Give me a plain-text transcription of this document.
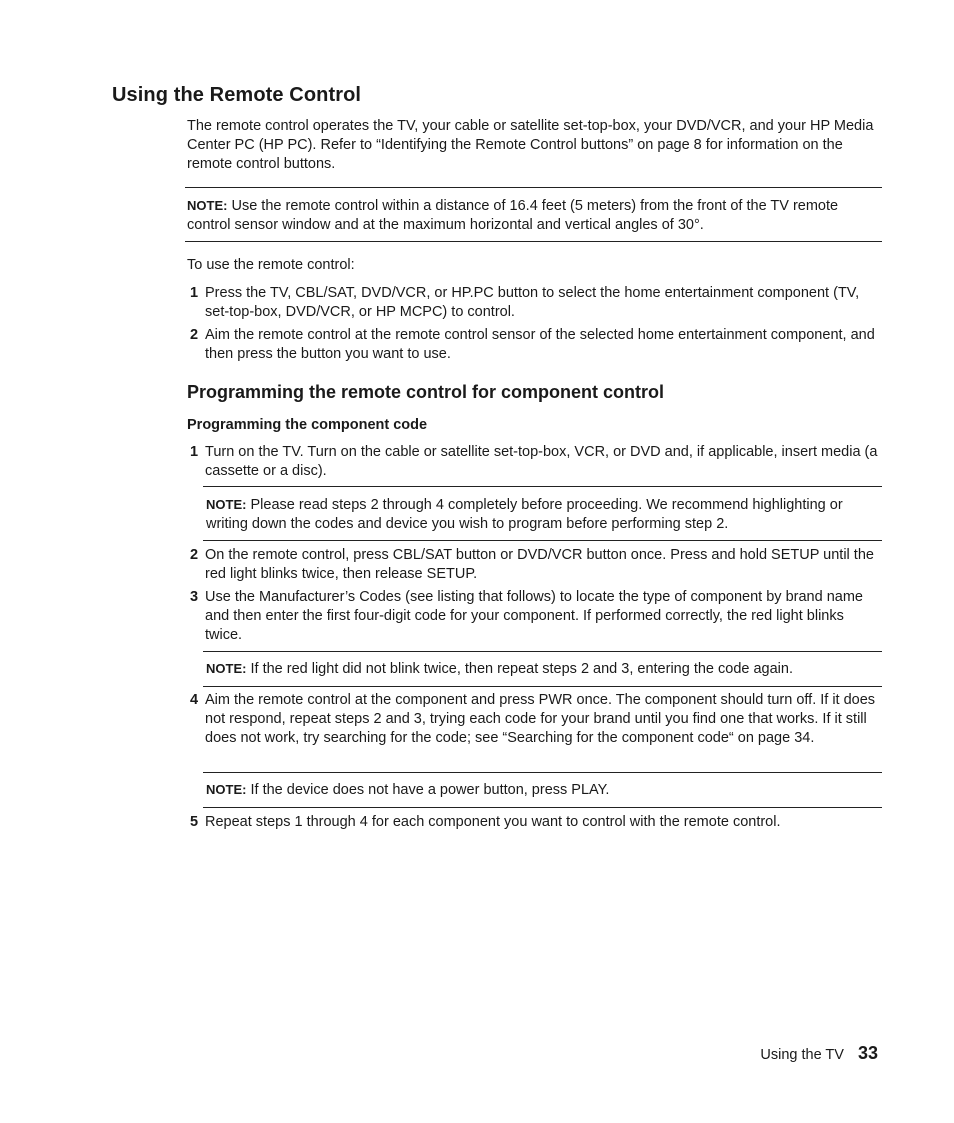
Using the Remote Control

The remote control operates the TV, your cable or satellite set-top-box, your DVD/VCR, and your HP Media Center PC (HP PC). Refer to “Identifying the Remote Control buttons” on page 8 for information on the remote control buttons.

NOTE: Use the remote control within a distance of 16.4 feet (5 meters) from the front of the TV remote control sensor window and at the maximum horizontal and vertical angles of 30°.

To use the remote control:

1 Press the TV, CBL/SAT, DVD/VCR, or HP.PC button to select the home entertainment component (TV, set-top-box, DVD/VCR, or HP MCPC) to control.
2 Aim the remote control at the remote control sensor of the selected home entertainment component, and then press the button you want to use.
Programming the remote control for component control
Programming the component code
1 Turn on the TV. Turn on the cable or satellite set-top-box, VCR, or DVD and, if applicable, insert media (a cassette or a disc).
NOTE: Please read steps 2 through 4 completely before proceeding. We recommend highlighting or writing down the codes and device you wish to program before performing step 2.
2 On the remote control, press CBL/SAT button or DVD/VCR button once. Press and hold SETUP until the red light blinks twice, then release SETUP.
3 Use the Manufacturer’s Codes (see listing that follows) to locate the type of component by brand name and then enter the first four-digit code for your component. If performed correctly, the red light blinks twice.
NOTE: If the red light did not blink twice, then repeat steps 2 and 3, entering the code again.
4 Aim the remote control at the component and press PWR once. The component should turn off. If it does not respond, repeat steps 2 and 3, trying each code for your brand until you find one that works. If it still does not work, try searching for the code; see “Searching for the component code“ on page 34.
NOTE: If the device does not have a power button, press PLAY.
5 Repeat steps 1 through 4 for each component you want to control with the remote control.
Using the TV 33
